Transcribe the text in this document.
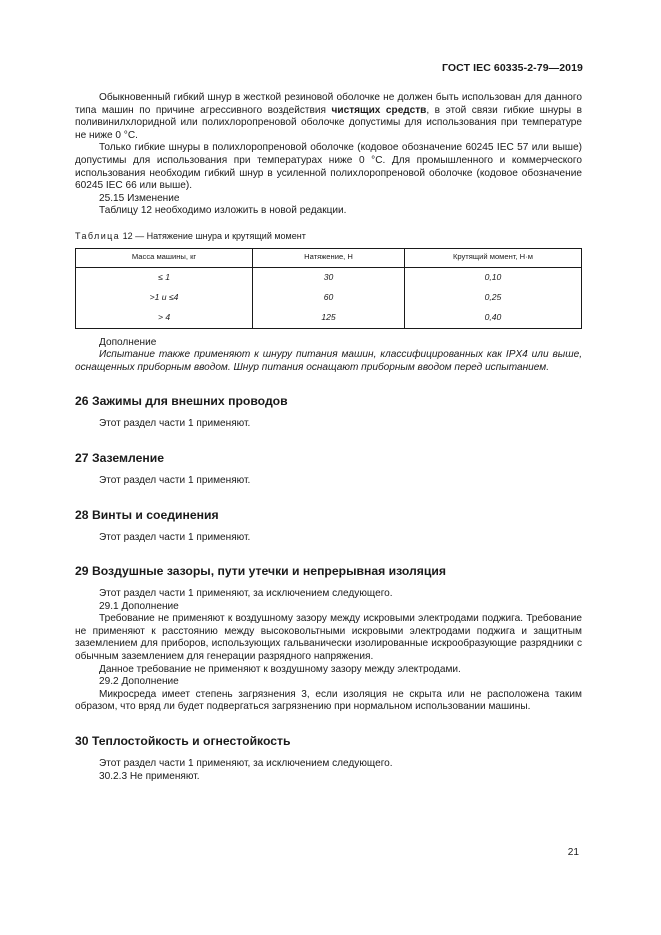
ГОСТ IEC 60335-2-79—2019

Обыкновенный гибкий шнур в жесткой резиновой оболочке не должен быть использован для данного типа машин по причине агрессивного воздействия чистящих средств, в этой связи гибкие шнуры в поливинилхлоридной или полихлоропреновой оболочке допустимы для использования при температуре не ниже 0 °С.

Только гибкие шнуры в полихлоропреновой оболочке (кодовое обозначение 60245 IEC 57 или выше) допустимы для использования при температурах ниже 0 °С. Для промышленного и коммерческого использования необходим гибкий шнур в усиленной полихлоропреновой оболочке (кодовое обозначение 60245 IEC 66 или выше).

25.15 Изменение

Таблицу 12 необходимо изложить в новой редакции.

Таблица 12 — Натяжение шнура и крутящий момент

Масса машины, кг	Натяжение, Н	Крутящий момент, Н·м
≤ 1	30	0,10
>1 и ≤4	60	0,25
> 4	125	0,40

Дополнение

Испытание также применяют к шнуру питания машин, классифицированных как IPX4 или выше, оснащенных приборным вводом. Шнур питания оснащают приборным вводом перед испытанием.

26 Зажимы для внешних проводов

Этот раздел части 1 применяют.

27 Заземление

Этот раздел части 1 применяют.

28 Винты и соединения

Этот раздел части 1 применяют.

29 Воздушные зазоры, пути утечки и непрерывная изоляция

Этот раздел части 1 применяют, за исключением следующего.

29.1 Дополнение

Требование не применяют к воздушному зазору между искровыми электродами поджига. Требование не применяют к расстоянию между высоковольтными искровыми электродами поджига и защитным заземлением для приборов, использующих гальванически изолированные искрообразующие разрядники с обычным заземлением для генерации разрядного напряжения.

Данное требование не применяют к воздушному зазору между электродами.

29.2 Дополнение

Микросреда имеет степень загрязнения 3, если изоляция не скрыта или не расположена таким образом, что вряд ли будет подвергаться загрязнению при нормальном использовании машины.

30 Теплостойкость и огнестойкость

Этот раздел части 1 применяют, за исключением следующего.

30.2.3 Не применяют.

21
